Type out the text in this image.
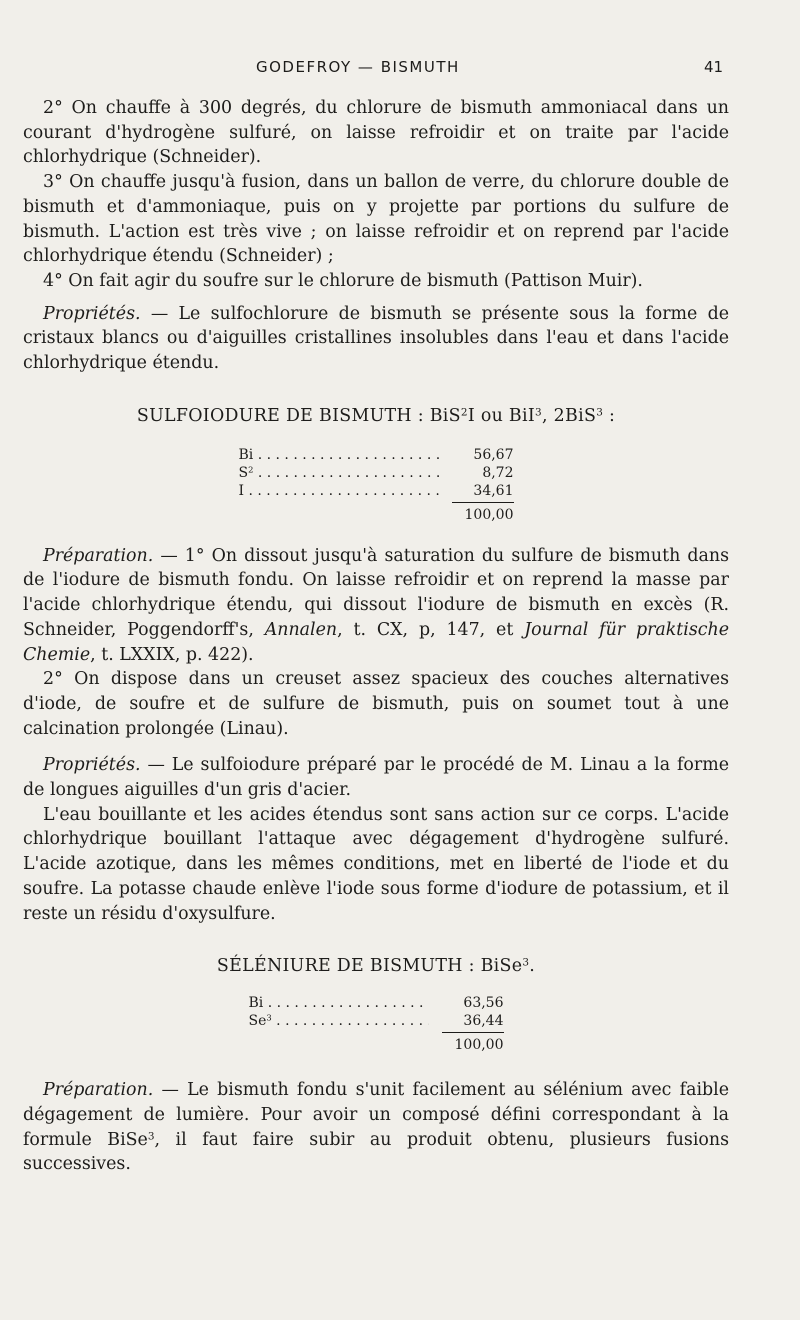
GODEFROY — BISMUTH	41

2° On chauffe à 300 degrés, du chlorure de bismuth ammoniacal dans un courant d'hydrogène sulfuré, on laisse refroidir et on traite par l'acide chlorhydrique (Schneider).

3° On chauffe jusqu'à fusion, dans un ballon de verre, du chlorure double de bismuth et d'ammoniaque, puis on y projette par portions du sulfure de bismuth. L'action est très vive ; on laisse refroidir et on reprend par l'acide chlorhydrique étendu (Schneider) ;

4° On fait agir du soufre sur le chlorure de bismuth (Pattison Muir).

Propriétés. — Le sulfochlorure de bismuth se présente sous la forme de cristaux blancs ou d'aiguilles cristallines insolubles dans l'eau et dans l'acide chlorhydrique étendu.

SULFOIODURE DE BISMUTH : BiS$^2$I ou BiI$^3$, 2BiS$^3$ :
Bi . . .	56,67
$S^2$ . . .	8,72
I . . .	34,61
100,00

Préparation. — 1° On dissout jusqu'à saturation du sulfure de bismuth dans de l'iodure de bismuth fondu. On laisse refroidir et on reprend la masse par l'acide chlorhydrique étendu, qui dissout l'iodure de bismuth en excès (R. Schneider, Poggendorff's, Annalen, t. CX, p, 147, et Journal für praktische Chemie, t. LXXIX, p. 422).

2° On dispose dans un creuset assez spacieux des couches alternatives d'iode, de soufre et de sulfure de bismuth, puis on soumet tout à une calcination prolongée (Linau).

Propriétés. — Le sulfoiodure préparé par le procédé de M. Linau a la forme de longues aiguilles d'un gris d'acier.

L'eau bouillante et les acides étendus sont sans action sur ce corps. L'acide chlorhydrique bouillant l'attaque avec dégagement d'hydrogène sulfuré. L'acide azotique, dans les mêmes conditions, met en liberté de l'iode et du soufre. La potasse chaude enlève l'iode sous forme d'iodure de potassium, et il reste un résidu d'oxysulfure.

SÉLÉNIURE DE BISMUTH : BiSe$^3$.
Bi . . .	63,56
Se$^3$ . . .	36,44
100,00

Préparation. — Le bismuth fondu s'unit facilement au sélénium avec faible dégagement de lumière. Pour avoir un composé défini correspondant à la formule BiSe$^3$, il faut faire subir au produit obtenu, plusieurs fusions successives.
